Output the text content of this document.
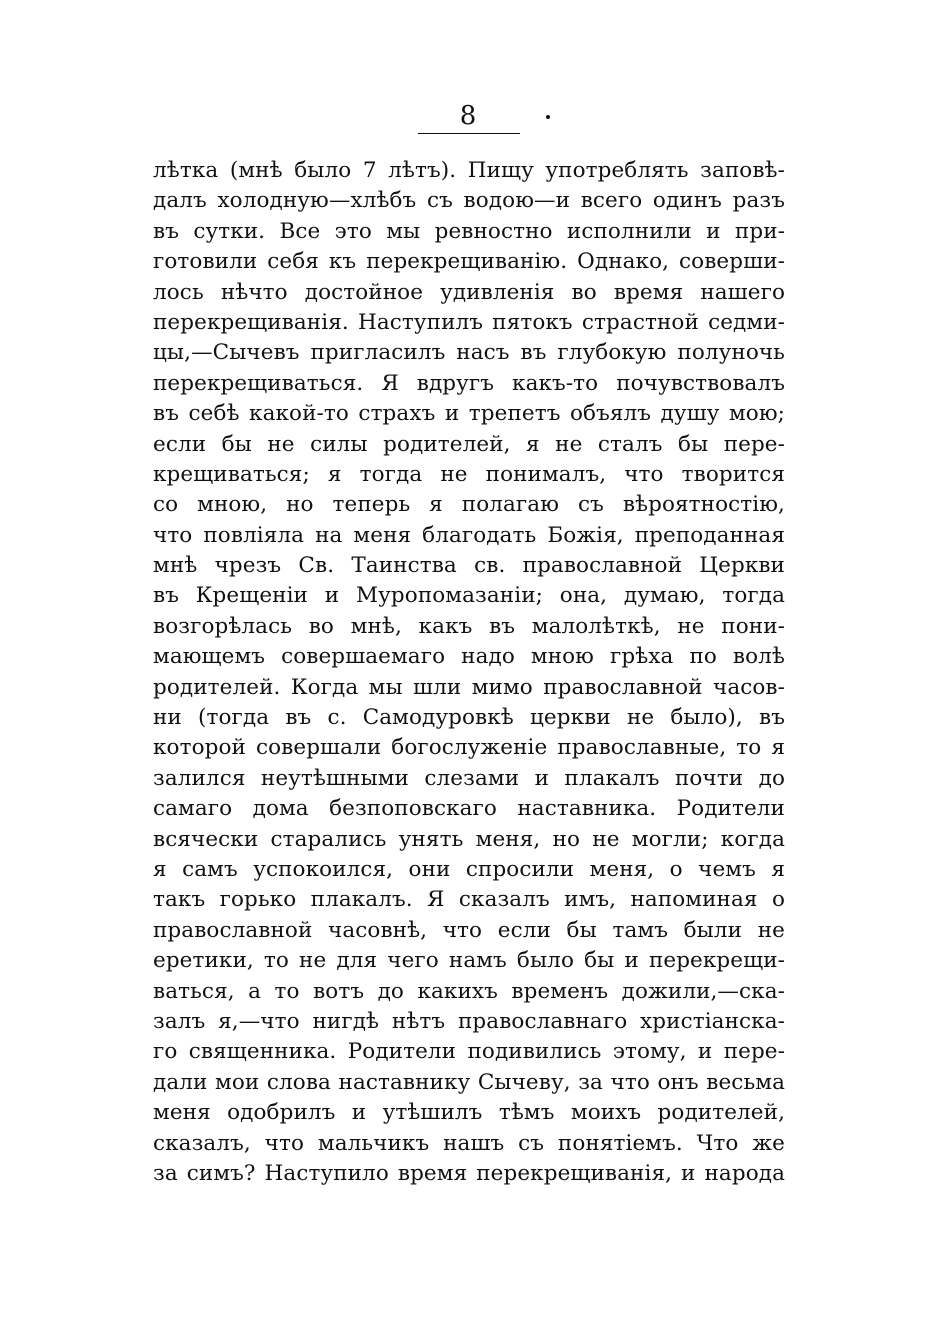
8
лѣтка (мнѣ было 7 лѣтъ). Пищу употреблять заповѣ-
далъ холодную—хлѣбъ съ водою—и всего одинъ разъ
въ сутки. Все это мы ревностно исполнили и при-
готовили себя къ перекрещиванію. Однако, соверши-
лось нѣчто достойное удивленія во время нашего
перекрещиванія. Наступилъ пятокъ страстной седми-
цы,—Сычевъ пригласилъ насъ въ глубокую полуночь
перекрещиваться. Я вдругъ какъ-то почувствовалъ
въ себѣ какой-то страхъ и трепетъ объялъ душу мою;
если бы не силы родителей, я не сталъ бы пере-
крещиваться; я тогда не понималъ, что творится
со мною, но теперь я полагаю съ вѣроятностію,
что повліяла на меня благодать Божія, преподанная
мнѣ чрезъ Св. Таинства св. православной Церкви
въ Крещеніи и Муропомазаніи; она, думаю, тогда
возгорѣлась во мнѣ, какъ въ малолѣткѣ, не пони-
мающемъ совершаемаго надо мною грѣха по волѣ
родителей. Когда мы шли мимо православной часов-
ни (тогда въ с. Самодуровкѣ церкви не было), въ
которой совершали богослуженіе православные, то я
залился неутѣшными слезами и плакалъ почти до
самаго дома безпоповскаго наставника. Родители
всячески старались унять меня, но не могли; когда
я самъ успокоился, они спросили меня, о чемъ я
такъ горько плакалъ. Я сказалъ имъ, напоминая о
православной часовнѣ, что если бы тамъ были не
еретики, то не для чего намъ было бы и перекрещи-
ваться, а то вотъ до какихъ временъ дожили,—ска-
залъ я,—что нигдѣ нѣтъ православнаго христіанска-
го священника. Родители подивились этому, и пере-
дали мои слова наставнику Сычеву, за что онъ весьма
меня одобрилъ и утѣшилъ тѣмъ моихъ родителей,
сказалъ, что мальчикъ нашъ съ понятіемъ. Что же
за симъ? Наступило время перекрещиванія, и народа
